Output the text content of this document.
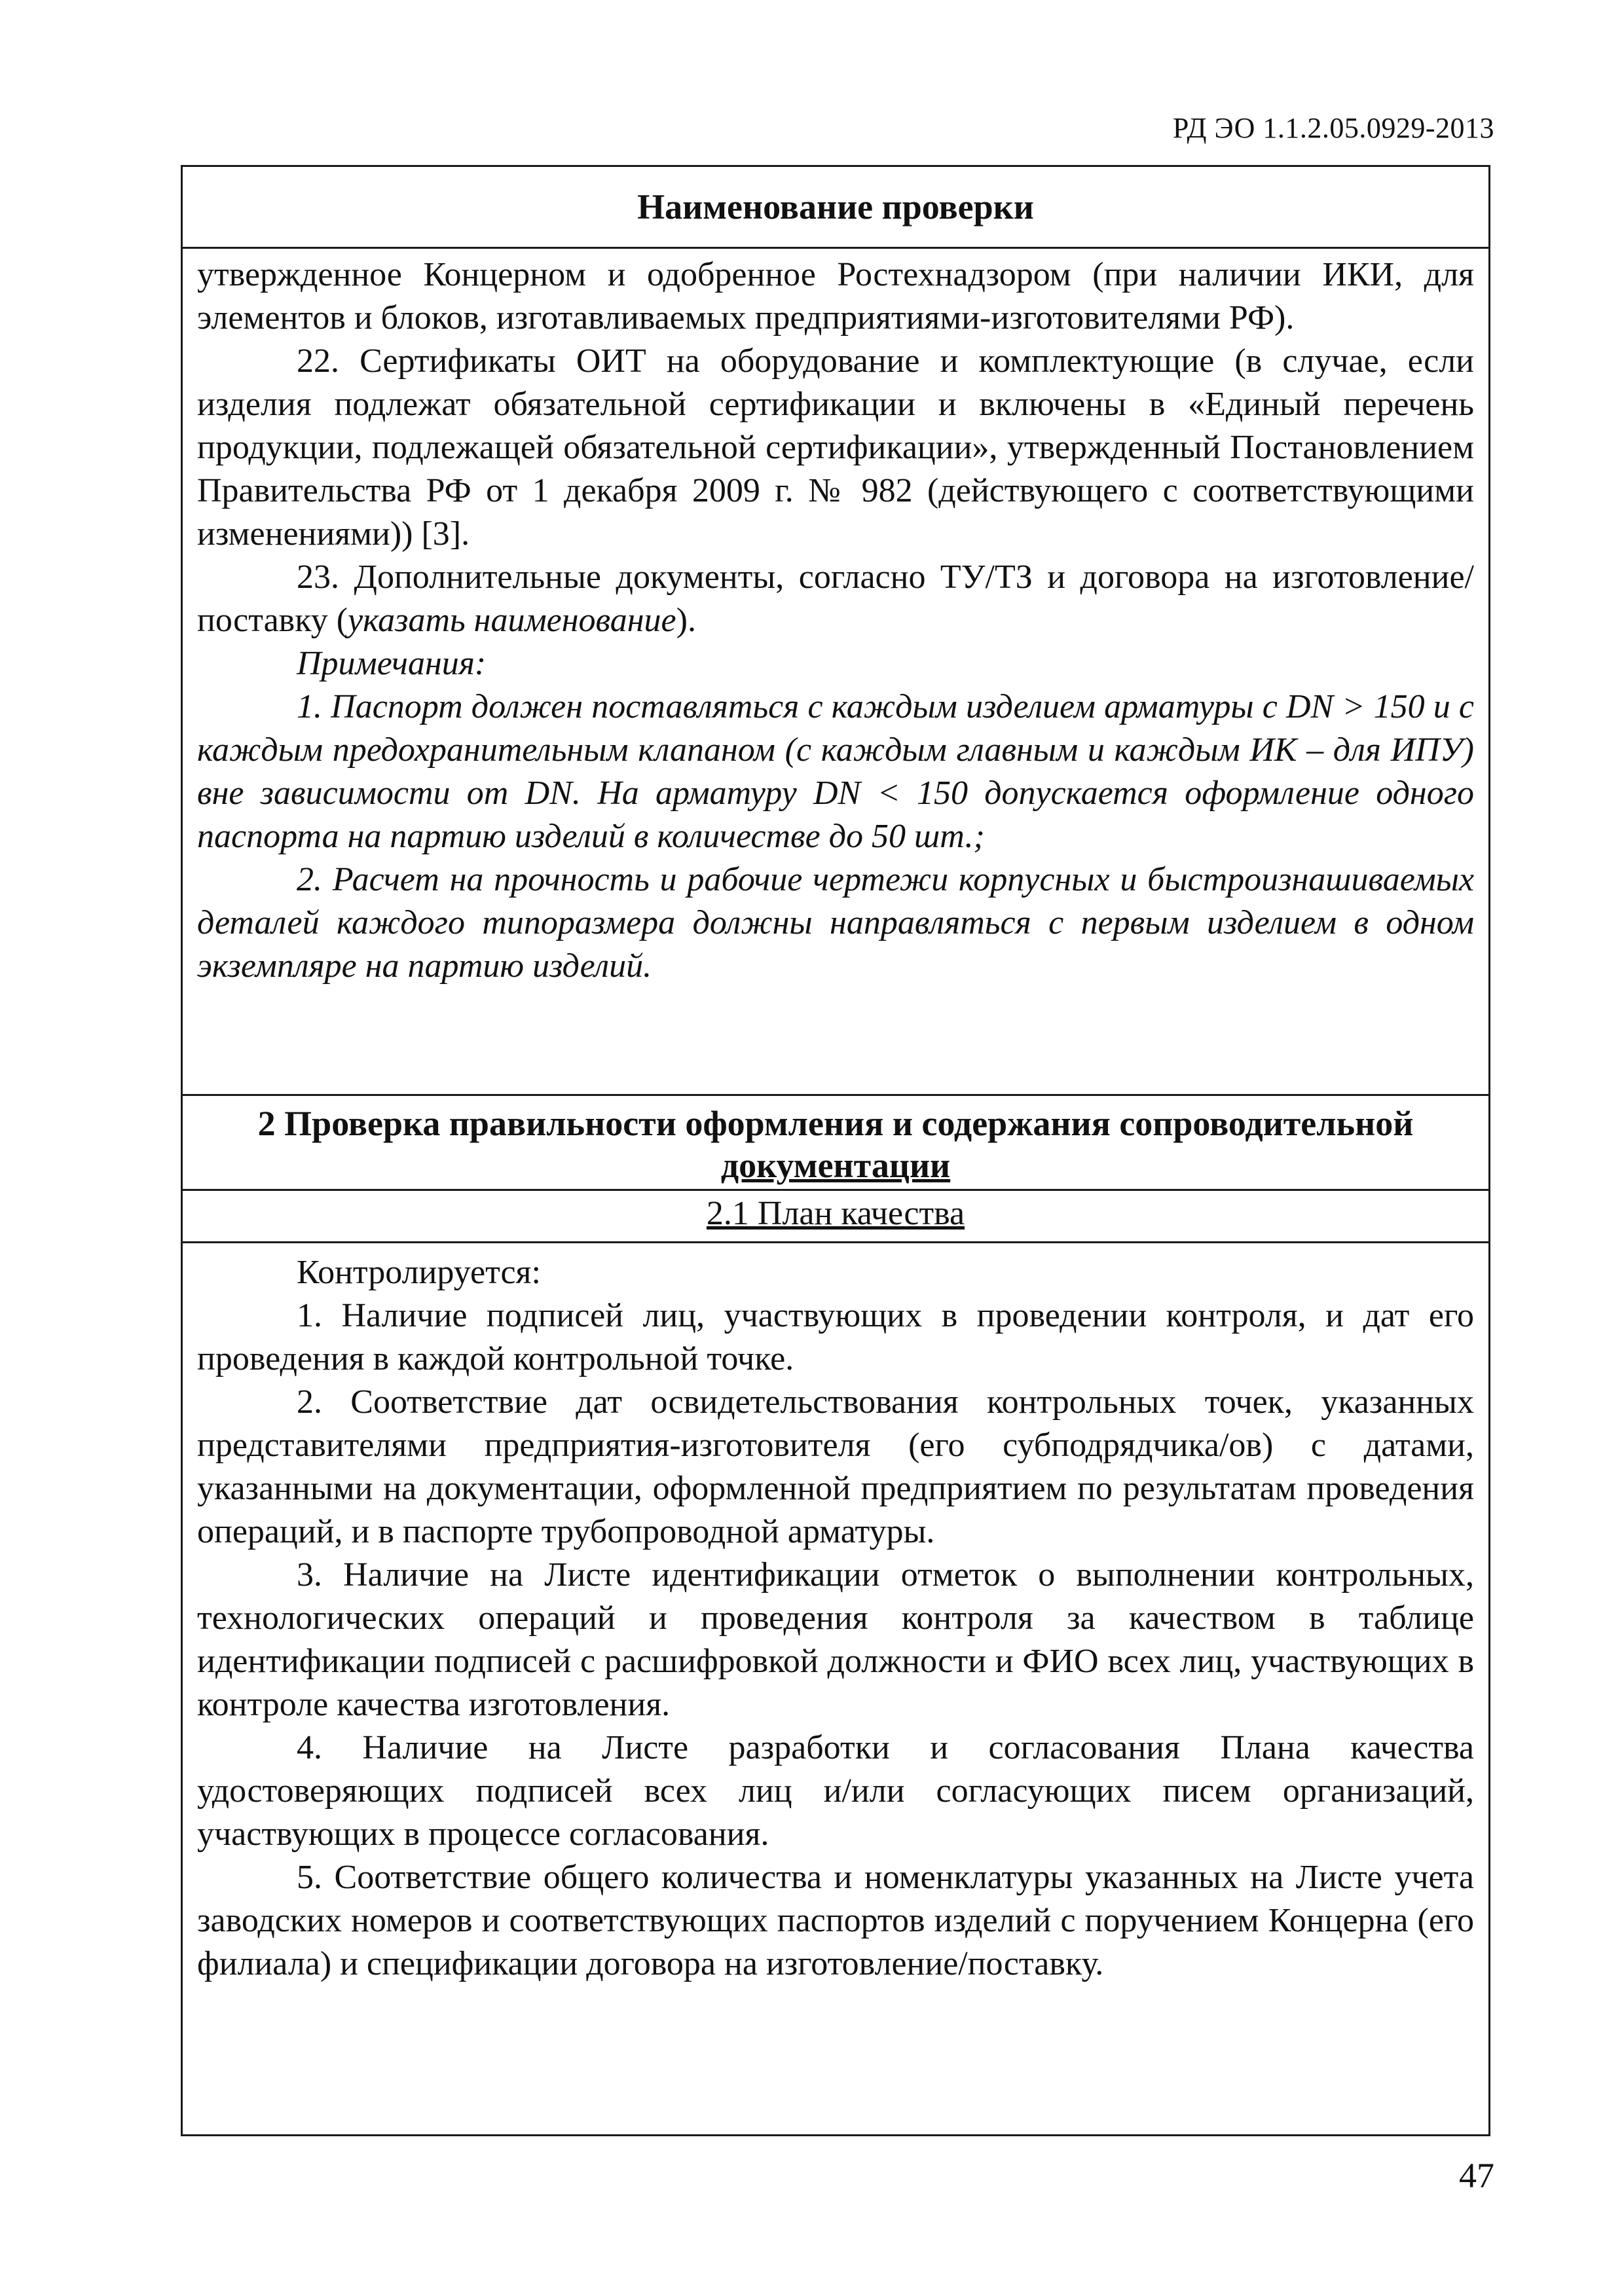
РД ЭО 1.1.2.05.0929-2013
Наименование проверки

утвержденное Концерном и одобренное Ростехнадзором (при наличии ИКИ, для элементов и блоков, изготавливаемых предприятиями-изготовителями РФ).

22. Сертификаты ОИТ на оборудование и комплектующие (в случае, если изделия подлежат обязательной сертификации и включены в «Единый перечень продукции, подлежащей обязательной сертификации», утвержденный Постановлением Правительства РФ от 1 декабря 2009 г. № 982 (действующего с соответствующими изменениями)) [3].

23. Дополнительные документы, согласно ТУ/ТЗ и договора на изготовление/поставку (указать наименование).

Примечания:

1. Паспорт должен поставляться с каждым изделием арматуры с DN > 150 и с каждым предохранительным клапаном (с каждым главным и каждым ИК – для ИПУ) вне зависимости от DN. На арматуру DN < 150 допускается оформление одного паспорта на партию изделий в количестве до 50 шт.;

2. Расчет на прочность и рабочие чертежи корпусных и быстроизнашиваемых деталей каждого типоразмера должны направляться с первым изделием в одном экземпляре на партию изделий.

2 Проверка правильности оформления и содержания сопроводительной
документации
2.1 План качества

Контролируется:

1. Наличие подписей лиц, участвующих в проведении контроля, и дат его проведения в каждой контрольной точке.

2. Соответствие дат освидетельствования контрольных точек, указанных представителями предприятия-изготовителя (его субподрядчика/ов) с датами, указанными на документации, оформленной предприятием по результатам проведения операций, и в паспорте трубопроводной арматуры.

3. Наличие на Листе идентификации отметок о выполнении контрольных, технологических операций и проведения контроля за качеством в таблице идентификации подписей с расшифровкой должности и ФИО всех лиц, участвующих в контроле качества изготовления.

4. Наличие на Листе разработки и согласования Плана качества удостоверяющих подписей всех лиц и/или согласующих писем организаций, участвующих в процессе согласования.

5. Соответствие общего количества и номенклатуры указанных на Листе учета заводских номеров и соответствующих паспортов изделий с поручением Концерна (его филиала) и спецификации договора на изготовление/поставку.

47
